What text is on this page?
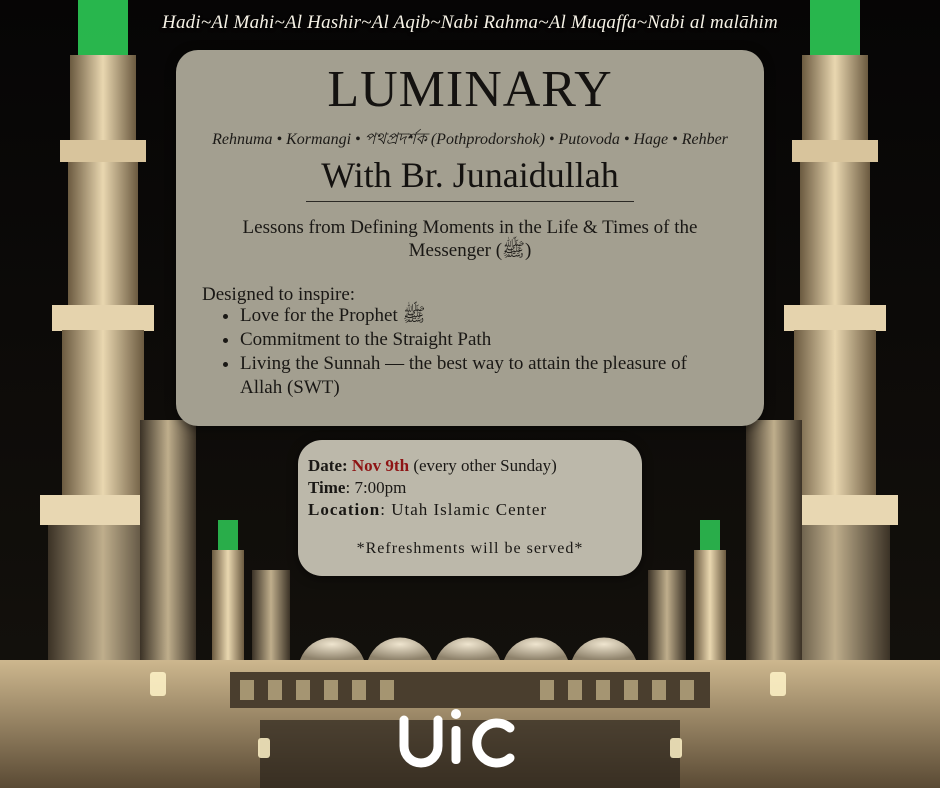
Hadi~Al Mahi~Al Hashir~Al Aqib~Nabi Rahma~Al Muqaffa~Nabi al malāhim
LUMINARY
Rehnuma • Kormangi • পথপ্রদর্শক (Pothprodorshok) • Putovoda • Hage • Rehber
With Br. Junaidullah
Lessons from Defining Moments in the Life & Times of the Messenger (ﷺ)
Designed to inspire:
• Love for the Prophet ﷺ
• Commitment to the Straight Path
• Living the Sunnah — the best way to attain the pleasure of Allah (SWT)
Date: Nov 9th (every other Sunday)
Time: 7:00pm
Location: Utah Islamic Center
*Refreshments will be served*
